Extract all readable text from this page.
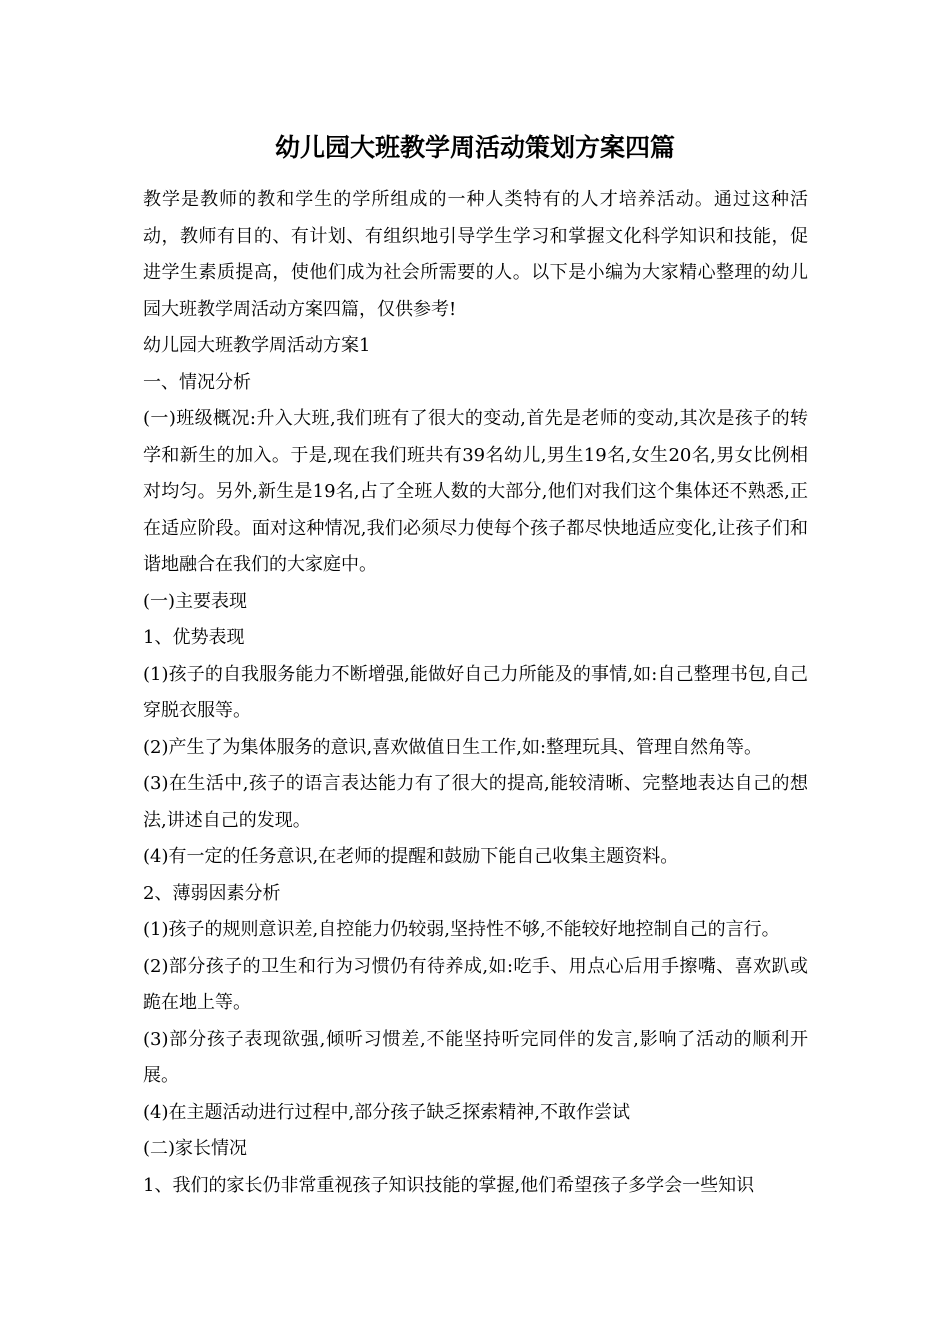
幼儿园大班教学周活动策划方案四篇

教学是教师的教和学生的学所组成的一种人类特有的人才培养活动。通过这种活动，教师有目的、有计划、有组织地引导学生学习和掌握文化科学知识和技能，促进学生素质提高，使他们成为社会所需要的人。以下是小编为大家精心整理的幼儿园大班教学周活动方案四篇，仅供参考!

幼儿园大班教学周活动方案1

一、情况分析

(一)班级概况:升入大班,我们班有了很大的变动,首先是老师的变动,其次是孩子的转学和新生的加入。于是,现在我们班共有39名幼儿,男生19名,女生20名,男女比例相对均匀。另外,新生是19名,占了全班人数的大部分,他们对我们这个集体还不熟悉,正在适应阶段。面对这种情况,我们必须尽力使每个孩子都尽快地适应变化,让孩子们和谐地融合在我们的大家庭中。

(一)主要表现

1、优势表现

(1)孩子的自我服务能力不断增强,能做好自己力所能及的事情,如:自己整理书包,自己穿脱衣服等。

(2)产生了为集体服务的意识,喜欢做值日生工作,如:整理玩具、管理自然角等。

(3)在生活中,孩子的语言表达能力有了很大的提高,能较清晰、完整地表达自己的想法,讲述自己的发现。

(4)有一定的任务意识,在老师的提醒和鼓励下能自己收集主题资料。

2、薄弱因素分析

(1)孩子的规则意识差,自控能力仍较弱,坚持性不够,不能较好地控制自己的言行。

(2)部分孩子的卫生和行为习惯仍有待养成,如:吃手、用点心后用手擦嘴、喜欢趴或跪在地上等。

(3)部分孩子表现欲强,倾听习惯差,不能坚持听完同伴的发言,影响了活动的顺利开展。

(4)在主题活动进行过程中,部分孩子缺乏探索精神,不敢作尝试

(二)家长情况

1、我们的家长仍非常重视孩子知识技能的掌握,他们希望孩子多学会一些知识
